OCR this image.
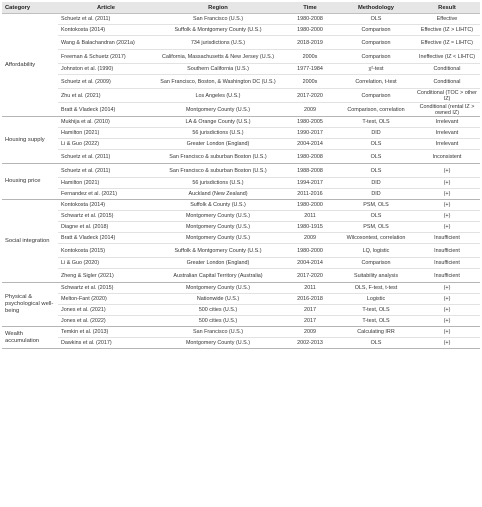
Category	Article	Region	Time	Methodology	Result
Affordability	Schuetz et al. (2011)	San Francisco (U.S.)	1980-2008	OLS	Effective
	Kontokosta (2014)	Suffolk & Montgomery County (U.S.)	1980-2000	Comparison	Effective (IZ > LIHTC)
	Wang & Balachandran (2021a)	734 jurisdictions (U.S.)	2018-2019	Comparison	Effective (IZ ≈ LIHTC)
	Freeman & Schuetz (2017)	California, Massachusetts & New Jersey (U.S.)	2000s	Comparison	Ineffective (IZ < LIHTC)
	Johnston et al. (1990)	Southern California (U.S.)	1977-1984	χ²-test	Conditional
	Schuetz et al. (2009)	San Francisco, Boston, & Washington DC (U.S.)	2000s	Correlation, t-test	Conditional
	Zhu et al. (2021)	Los Angeles (U.S.)	2017-2020	Comparison	Conditional (TOC > other IZ)
	Bratt & Vladeck (2014)	Montgomery County (U.S.)	2009	Comparison, correlation	Conditional (rental IZ > owned IZ)
Housing supply	Mukhija et al. (2010)	LA & Orange County (U.S.)	1980-2005	T-test, OLS	Irrelevant
	Hamilton (2021)	56 jurisdictions (U.S.)	1990-2017	DID	Irrelevant
	Li & Guo (2022)	Greater London (England)	2004-2014	OLS	Irrelevant
	Schuetz et al. (2011)	San Francisco & suburban Boston (U.S.)	1980-2008	OLS	Inconsistent
Housing price	Schuetz et al. (2011)	San Francisco & suburban Boston (U.S.)	1988-2008	OLS	(+)
	Hamilton (2021)	56 jurisdictions (U.S.)	1994-2017	DID	(+)
	Fernandez et al. (2021)	Auckland (New Zealand)	2011-2016	DID	(+)
Social integration	Kontokosta (2014)	Suffolk & County (U.S.)	1980-2000	PSM, OLS	(+)
	Schwartz et al. (2015)	Montgomery County (U.S.)	2011	OLS	(+)
	Diagne et al. (2018)	Montgomery County (U.S.)	1980-1915	PSM, OLS	(+)
	Bratt & Vladeck (2014)	Montgomery County (U.S.)	2009	Wilcoxontest, correlation	Insufficient
	Kontokosta (2015)	Suffolk & Montgomery County (U.S.)	1980-2000	LQ, logistic	Insufficient
	Li & Guo (2020)	Greater London (England)	2004-2014	Comparison	Insufficient
	Zheng & Sigler (2021)	Australian Capital Territory (Australia)	2017-2020	Suitability analysis	Insufficient
Physical & psychological well-being	Schwartz et al. (2015)	Montgomery County (U.S.)	2011	OLS, F-test, t-test	(+)
	Melton-Fant (2020)	Nationwide (U.S.)	2016-2018	Logistic	(+)
	Jones et al. (2021)	500 cities (U.S.)	2017	T-test, OLS	(+)
	Jones et al. (2022)	500 cities (U.S.)	2017	T-test, OLS	(+)
Wealth accumulation	Temkin et al. (2013)	San Francisco (U.S.)	2009	Calculating IRR	(+)
	Dawkins et al. (2017)	Montgomery County (U.S.)	2002-2013	OLS	(+)
